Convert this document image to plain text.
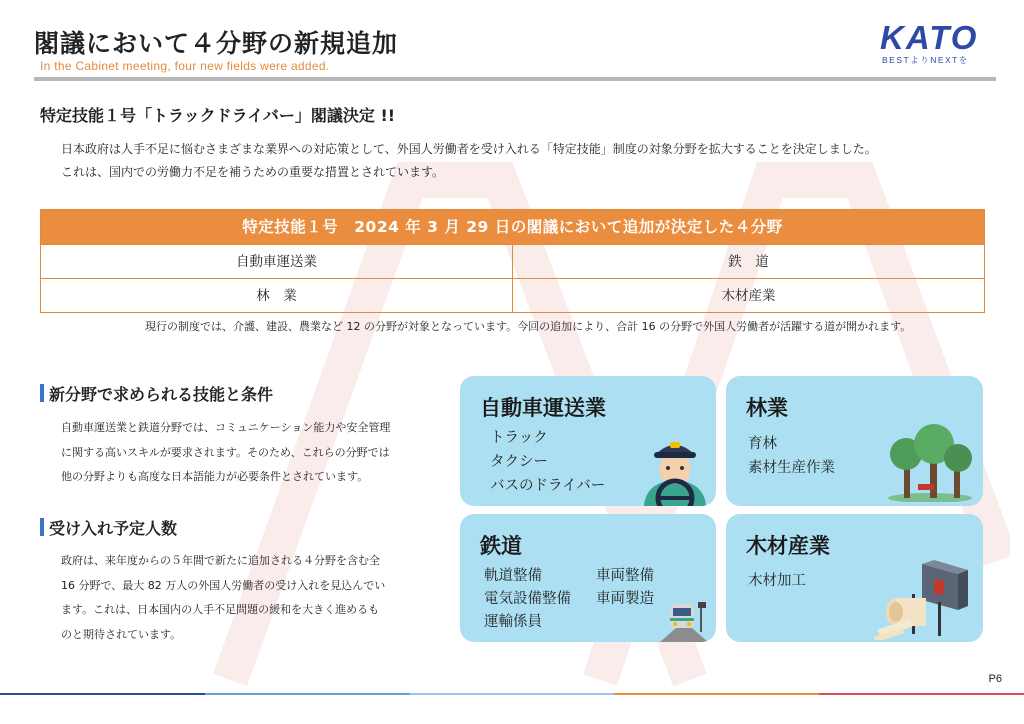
閣議において４分野の新規追加
In the Cabinet meeting, four new fields were added.
KATO
BESTよりNEXTを
特定技能１号「トラックドライバー」閣議決定 !!
日本政府は人手不足に悩むさまざまな業界への対応策として、外国人労働者を受け入れる「特定技能」制度の対象分野を拡大することを決定しました。
これは、国内での労働力不足を補うための重要な措置とされています。
特定技能１号　2024 年 3 月 29 日の閣議において追加が決定した４分野
自動車運送業	鉄　道
林　業	木材産業
現行の制度では、介護、建設、農業など 12 の分野が対象となっています。今回の追加により、合計 16 の分野で外国人労働者が活躍する道が開かれます。
新分野で求められる技能と条件
自動車運送業と鉄道分野では、コミュニケーション能力や安全管理
に関する高いスキルが要求されます。そのため、これらの分野では
他の分野よりも高度な日本語能力が必要条件とされています。
受け入れ予定人数
政府は、来年度からの５年間で新たに追加される４分野を含む全
16 分野で、最大 82 万人の外国人労働者の受け入れを見込んでい
ます。これは、日本国内の人手不足問題の緩和を大きく進めるも
のと期待されています。
自動車運送業
トラック
タクシー
バスのドライバー
林業
育林
素材生産作業
鉄道
軌道整備	車両整備
電気設備整備 車両製造
運輸係員
木材産業
木材加工
P6
